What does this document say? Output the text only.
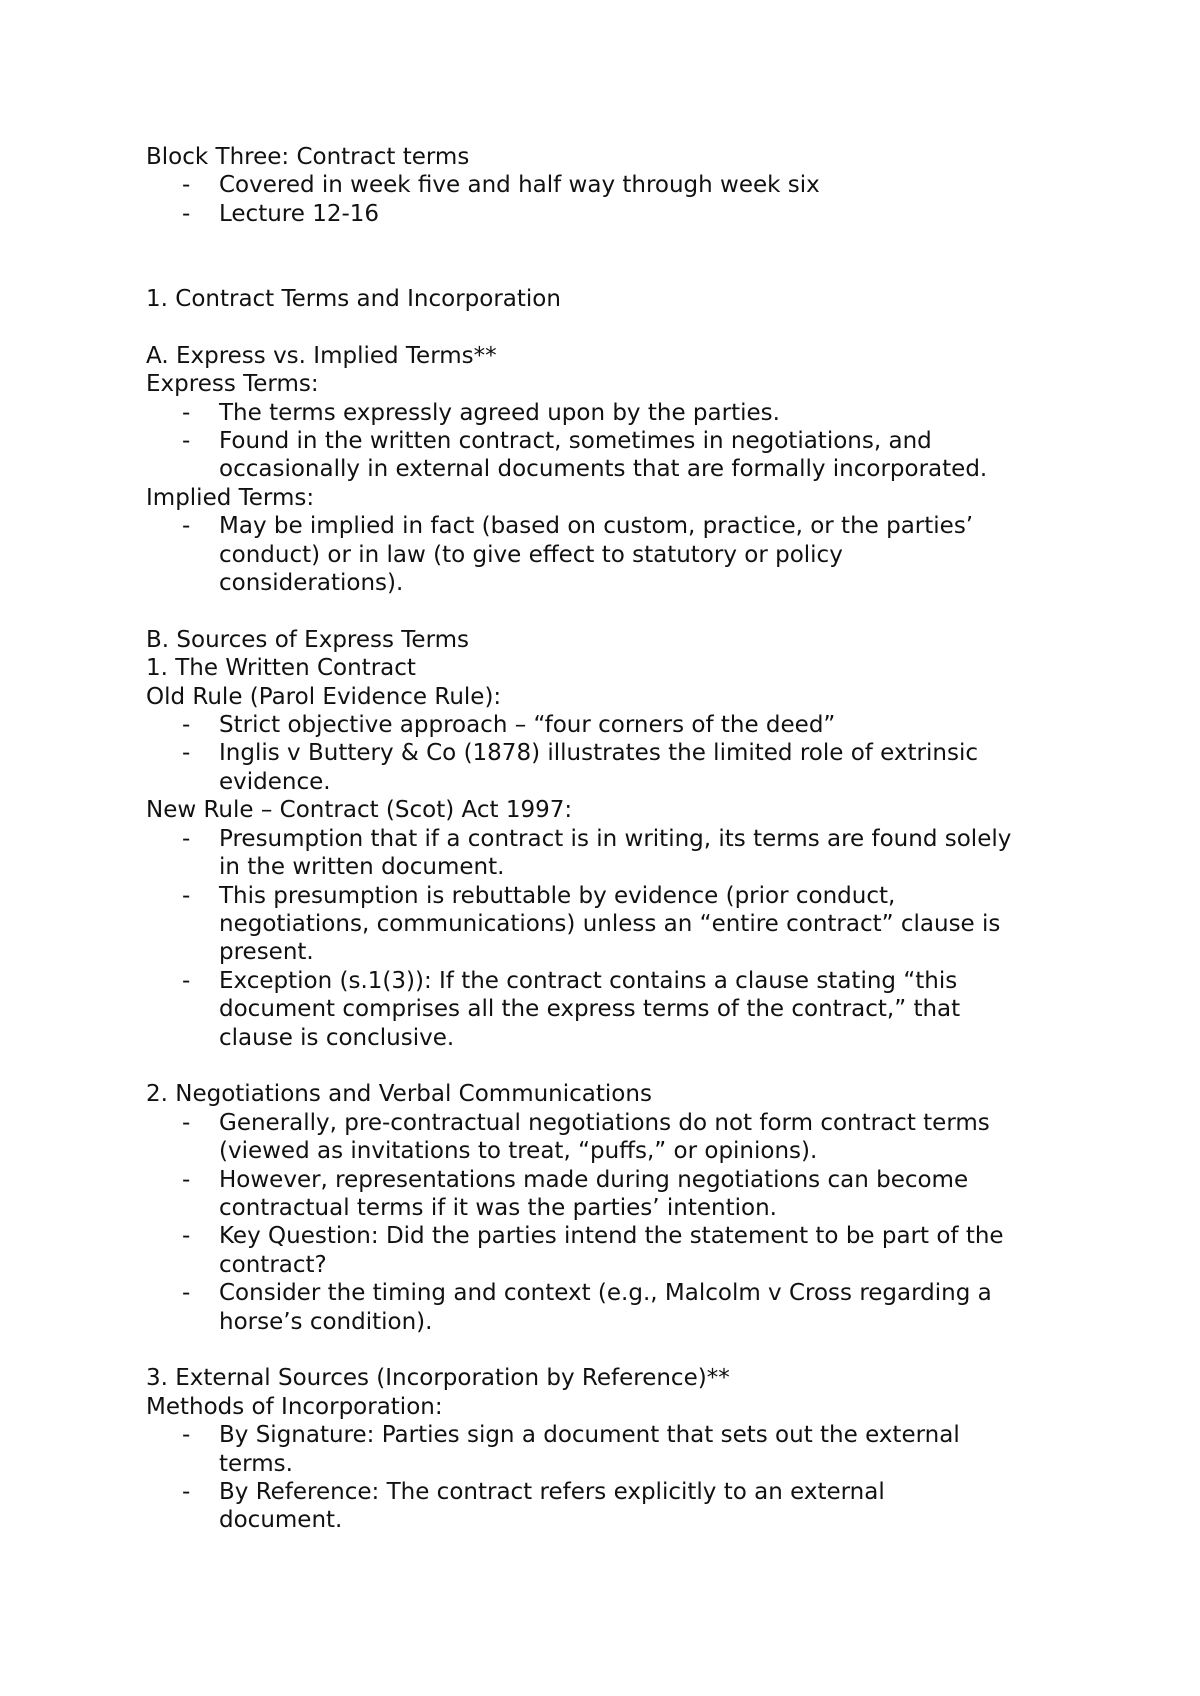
Block Three: Contract terms

- Covered in week five and half way through week six
- Lecture 12-16

1. Contract Terms and Incorporation

A. Express vs. Implied Terms**

Express Terms:

- The terms expressly agreed upon by the parties.
- Found in the written contract, sometimes in negotiations, and
occasionally in external documents that are formally incorporated.

Implied Terms:

- May be implied in fact (based on custom, practice, or the parties’
conduct) or in law (to give effect to statutory or policy
considerations).

B. Sources of Express Terms

1. The Written Contract

Old Rule (Parol Evidence Rule):

- Strict objective approach – “four corners of the deed”
- Inglis v Buttery & Co (1878) illustrates the limited role of extrinsic
evidence.

New Rule – Contract (Scot) Act 1997:

- Presumption that if a contract is in writing, its terms are found solely
in the written document.
- This presumption is rebuttable by evidence (prior conduct,
negotiations, communications) unless an “entire contract” clause is
present.
- Exception (s.1(3)): If the contract contains a clause stating “this
document comprises all the express terms of the contract,” that
clause is conclusive.

2. Negotiations and Verbal Communications

- Generally, pre-contractual negotiations do not form contract terms
(viewed as invitations to treat, “puffs,” or opinions).
- However, representations made during negotiations can become
contractual terms if it was the parties’ intention.
- Key Question: Did the parties intend the statement to be part of the
contract?
- Consider the timing and context (e.g., Malcolm v Cross regarding a
horse’s condition).

3. External Sources (Incorporation by Reference)**

Methods of Incorporation:

- By Signature: Parties sign a document that sets out the external
terms.
- By Reference: The contract refers explicitly to an external
document.
